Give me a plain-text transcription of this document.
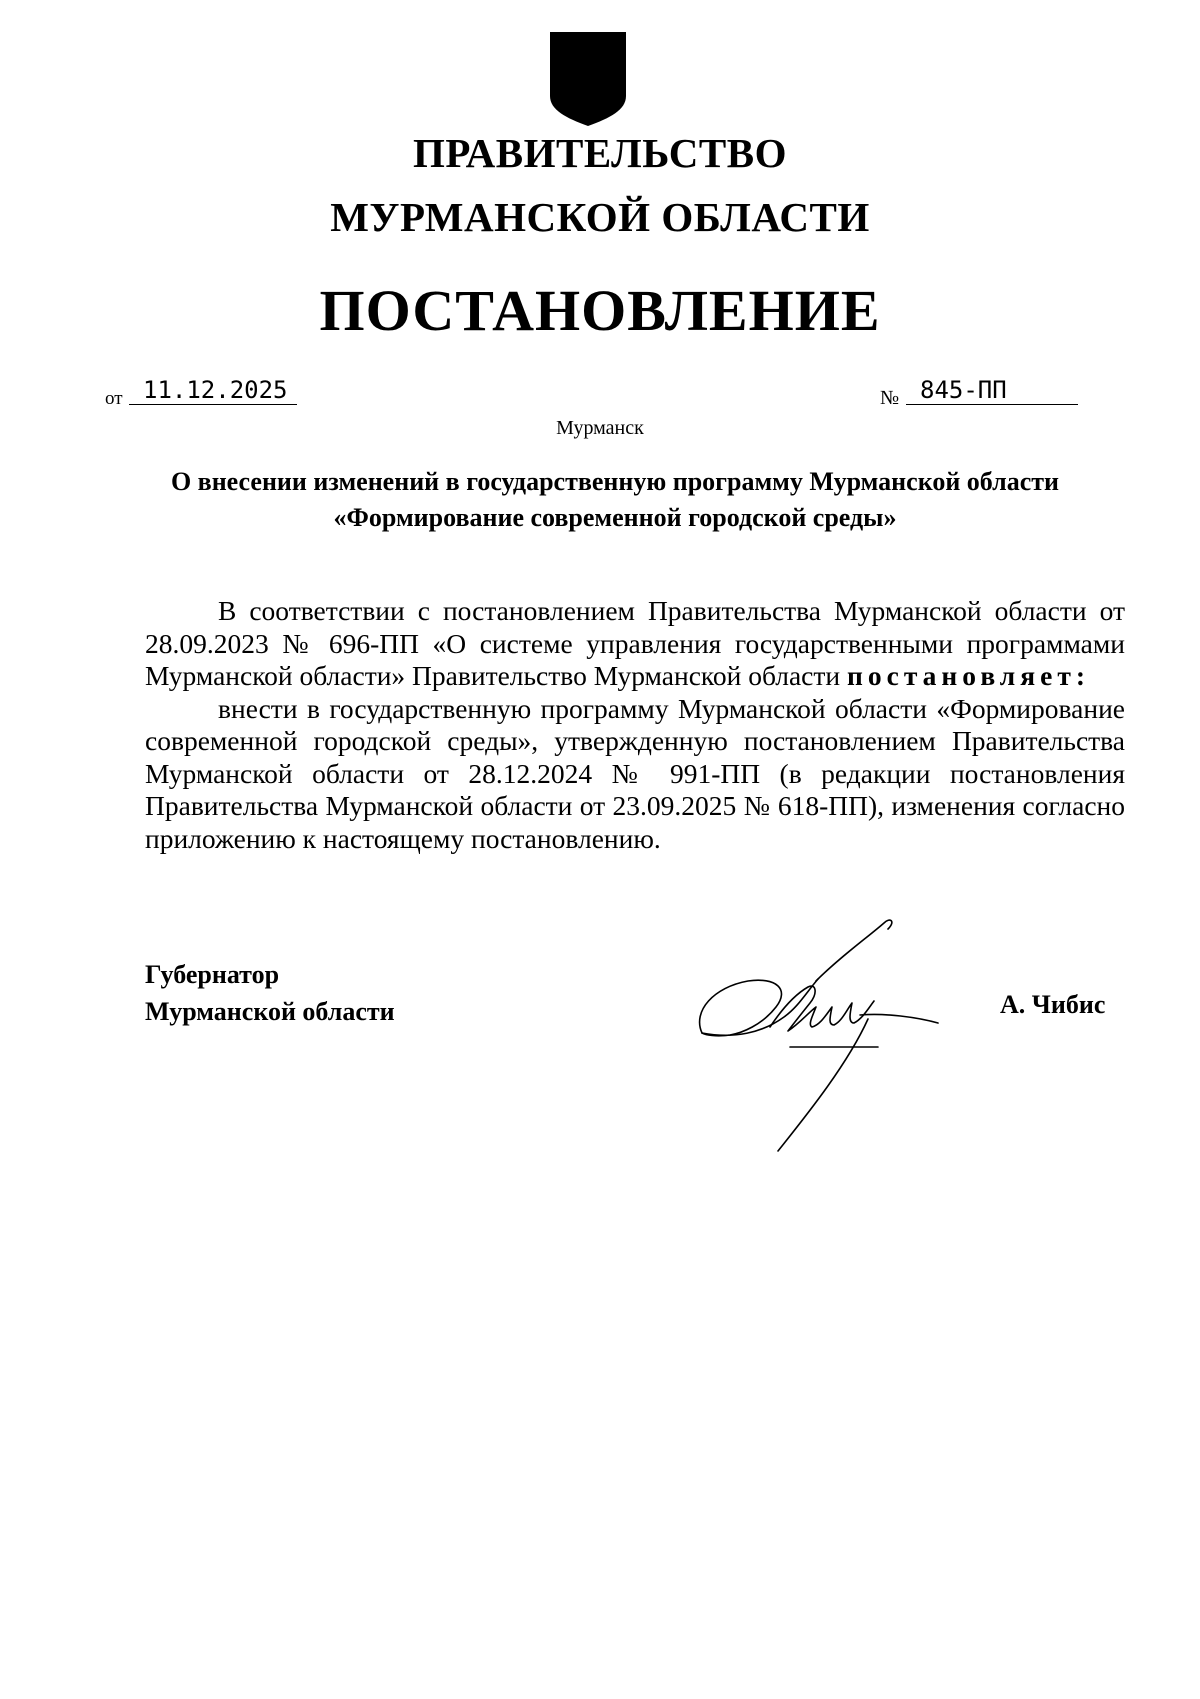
ПРАВИТЕЛЬСТВО
МУРМАНСКОЙ ОБЛАСТИ
ПОСТАНОВЛЕНИЕ
от 11.12.2025	№ 845-ПП
Мурманск
О внесении изменений в государственную программу Мурманской области
«Формирование современной городской среды»

В соответствии с постановлением Правительства Мурманской области от 28.09.2023 № 696-ПП «О системе управления государственными программами Мурманской области» Правительство Мурманской области постановляет:

внести в государственную программу Мурманской области «Формирование современной городской среды», утвержденную постановлением Правительства Мурманской области от 28.12.2024 № 991-ПП (в редакции постановления Правительства Мурманской области от 23.09.2025 № 618-ПП), изменения согласно приложению к настоящему постановлению.

Губернатор
Мурманской области	А. Чибис
